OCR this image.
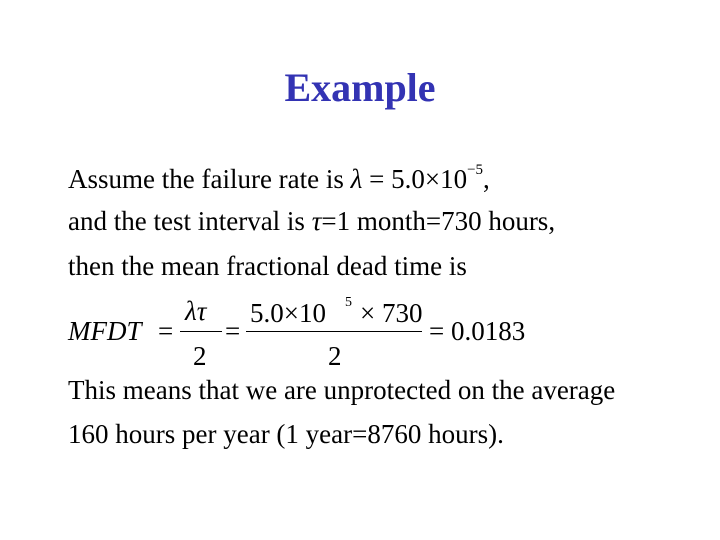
Example
Assume the failure rate is $\lambda = 5.0\times 10^{-5}$,
and the test interval is τ=1 month=730 hours,
then the mean fractional dead time is
MFDT =
λτ
2
=
5.0×10 5 × 730
2
= 0.0183
This means that we are unprotected on the average
160 hours per year (1 year=8760 hours).
